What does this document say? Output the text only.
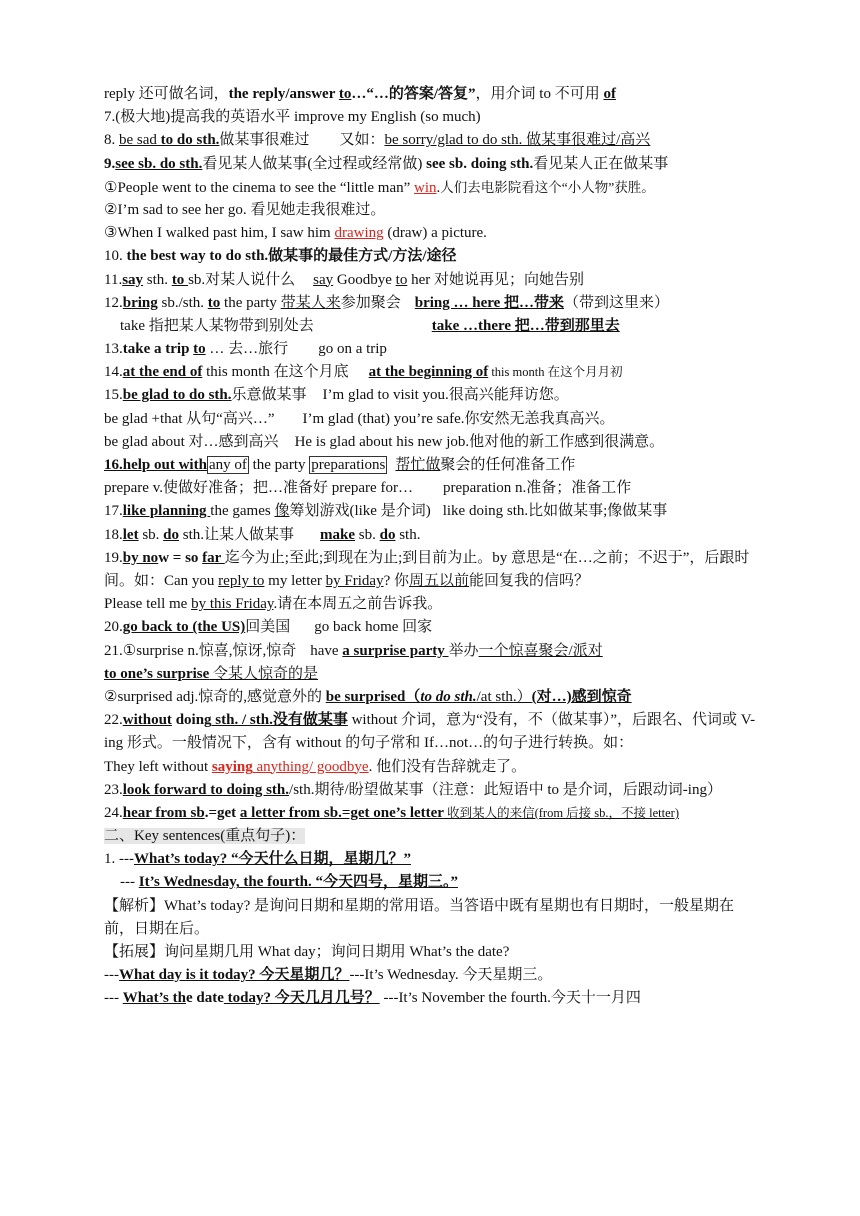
reply 还可做名词，the reply/answer to…“…的答案/答复”，用介词 to 不可用 of
7.(极大地)提高我的英语水平 improve my English (so much)
8. be sad to do sth.做某事很难过 又如：be sorry/glad to do sth. 做某事很难过/高兴
9.see sb. do sth.看见某人做某事(全过程或经常做) see sb. doing sth.看见某人正在做某事
①People went to the cinema to see the “little man” win.人们去电影院看这个“小人物”获胜。
②I’m sad to see her go. 看见她走我很难过。
③When I walked past him, I saw him drawing (draw) a picture.
10. the best way to do sth.做某事的最佳方式/方法/途径
11.say sth. to sb.对某人说什么 say Goodbye to her 对她说再见；向她告别
12.bring sb./sth. to the party 带某人来参加聚会 bring … here 把…带来（带到这里来）
take 指把某人某物带到别处去	take …there 把…带到那里去
13.take a trip to … 去…旅行 go on a trip
14.at the end of this month 在这个月底 at the beginning of this month 在这个月月初
15.be glad to do sth.乐意做某事 I’m glad to visit you.很高兴能拜访您。
be glad +that 从句“高兴…” I’m glad (that) you’re safe.你安然无恙我真高兴。
be glad about 对…感到高兴 He is glad about his new job.他对他的新工作感到很满意。
16.help out with any of the party preparations 帮忙做聚会的任何准备工作
prepare v.使做好准备；把…准备好 prepare for… preparation n.准备；准备工作
17.like planning the games 像筹划游戏(like 是介词) like doing sth.比如做某事;像做某事
18.let sb. do sth.让某人做某事 make sb. do sth.
19.by now = so far 迄今为止;至此;到现在为止;到目前为止。by 意思是“在…之前；不迟于”，后跟时间。如：Can you reply to my letter by Friday? 你周五以前能回复我的信吗？
Please tell me by this Friday.请在本周五之前告诉我。
20.go back to (the US)回美国 go back home 回家
21.①surprise n.惊喜,惊讶,惊奇 have a surprise party 举办一个惊喜聚会/派对
to one’s surprise 令某人惊奇的是
②surprised adj.惊奇的,感觉意外的 be surprised（to do sth./at sth.）(对…)感到惊奇
22.without doing sth. / sth.没有做某事 without 介词，意为“没有，不（做某事）”，后跟名、代词或 V-ing 形式。一般情况下，含有 without 的句子常和 If…not…的句子进行转换。如：
They left without saying anything/ goodbye. 他们没有告辞就走了。
23.look forward to doing sth./sth.期待/盼望做某事（注意：此短语中 to 是介词，后跟动词-ing）
24.hear from sb.=get a letter from sb.=get one’s letter 收到某人的来信(from 后接 sb.，不接 letter)
二、Key sentences(重点句子)：
1. ---What’s today? “今天什么日期，星期几？”
--- It’s Wednesday, the fourth. “今天四号，星期三。”
【解析】What’s today? 是询问日期和星期的常用语。当答语中既有星期也有日期时，一般星期在前，日期在后。
【拓展】询问星期几用 What day；询问日期用 What’s the date?
---What day is it today? 今天星期几？---It’s Wednesday. 今天星期三。
--- What’s the date today? 今天几月几号？ ---It’s November the fourth.今天十一月四
